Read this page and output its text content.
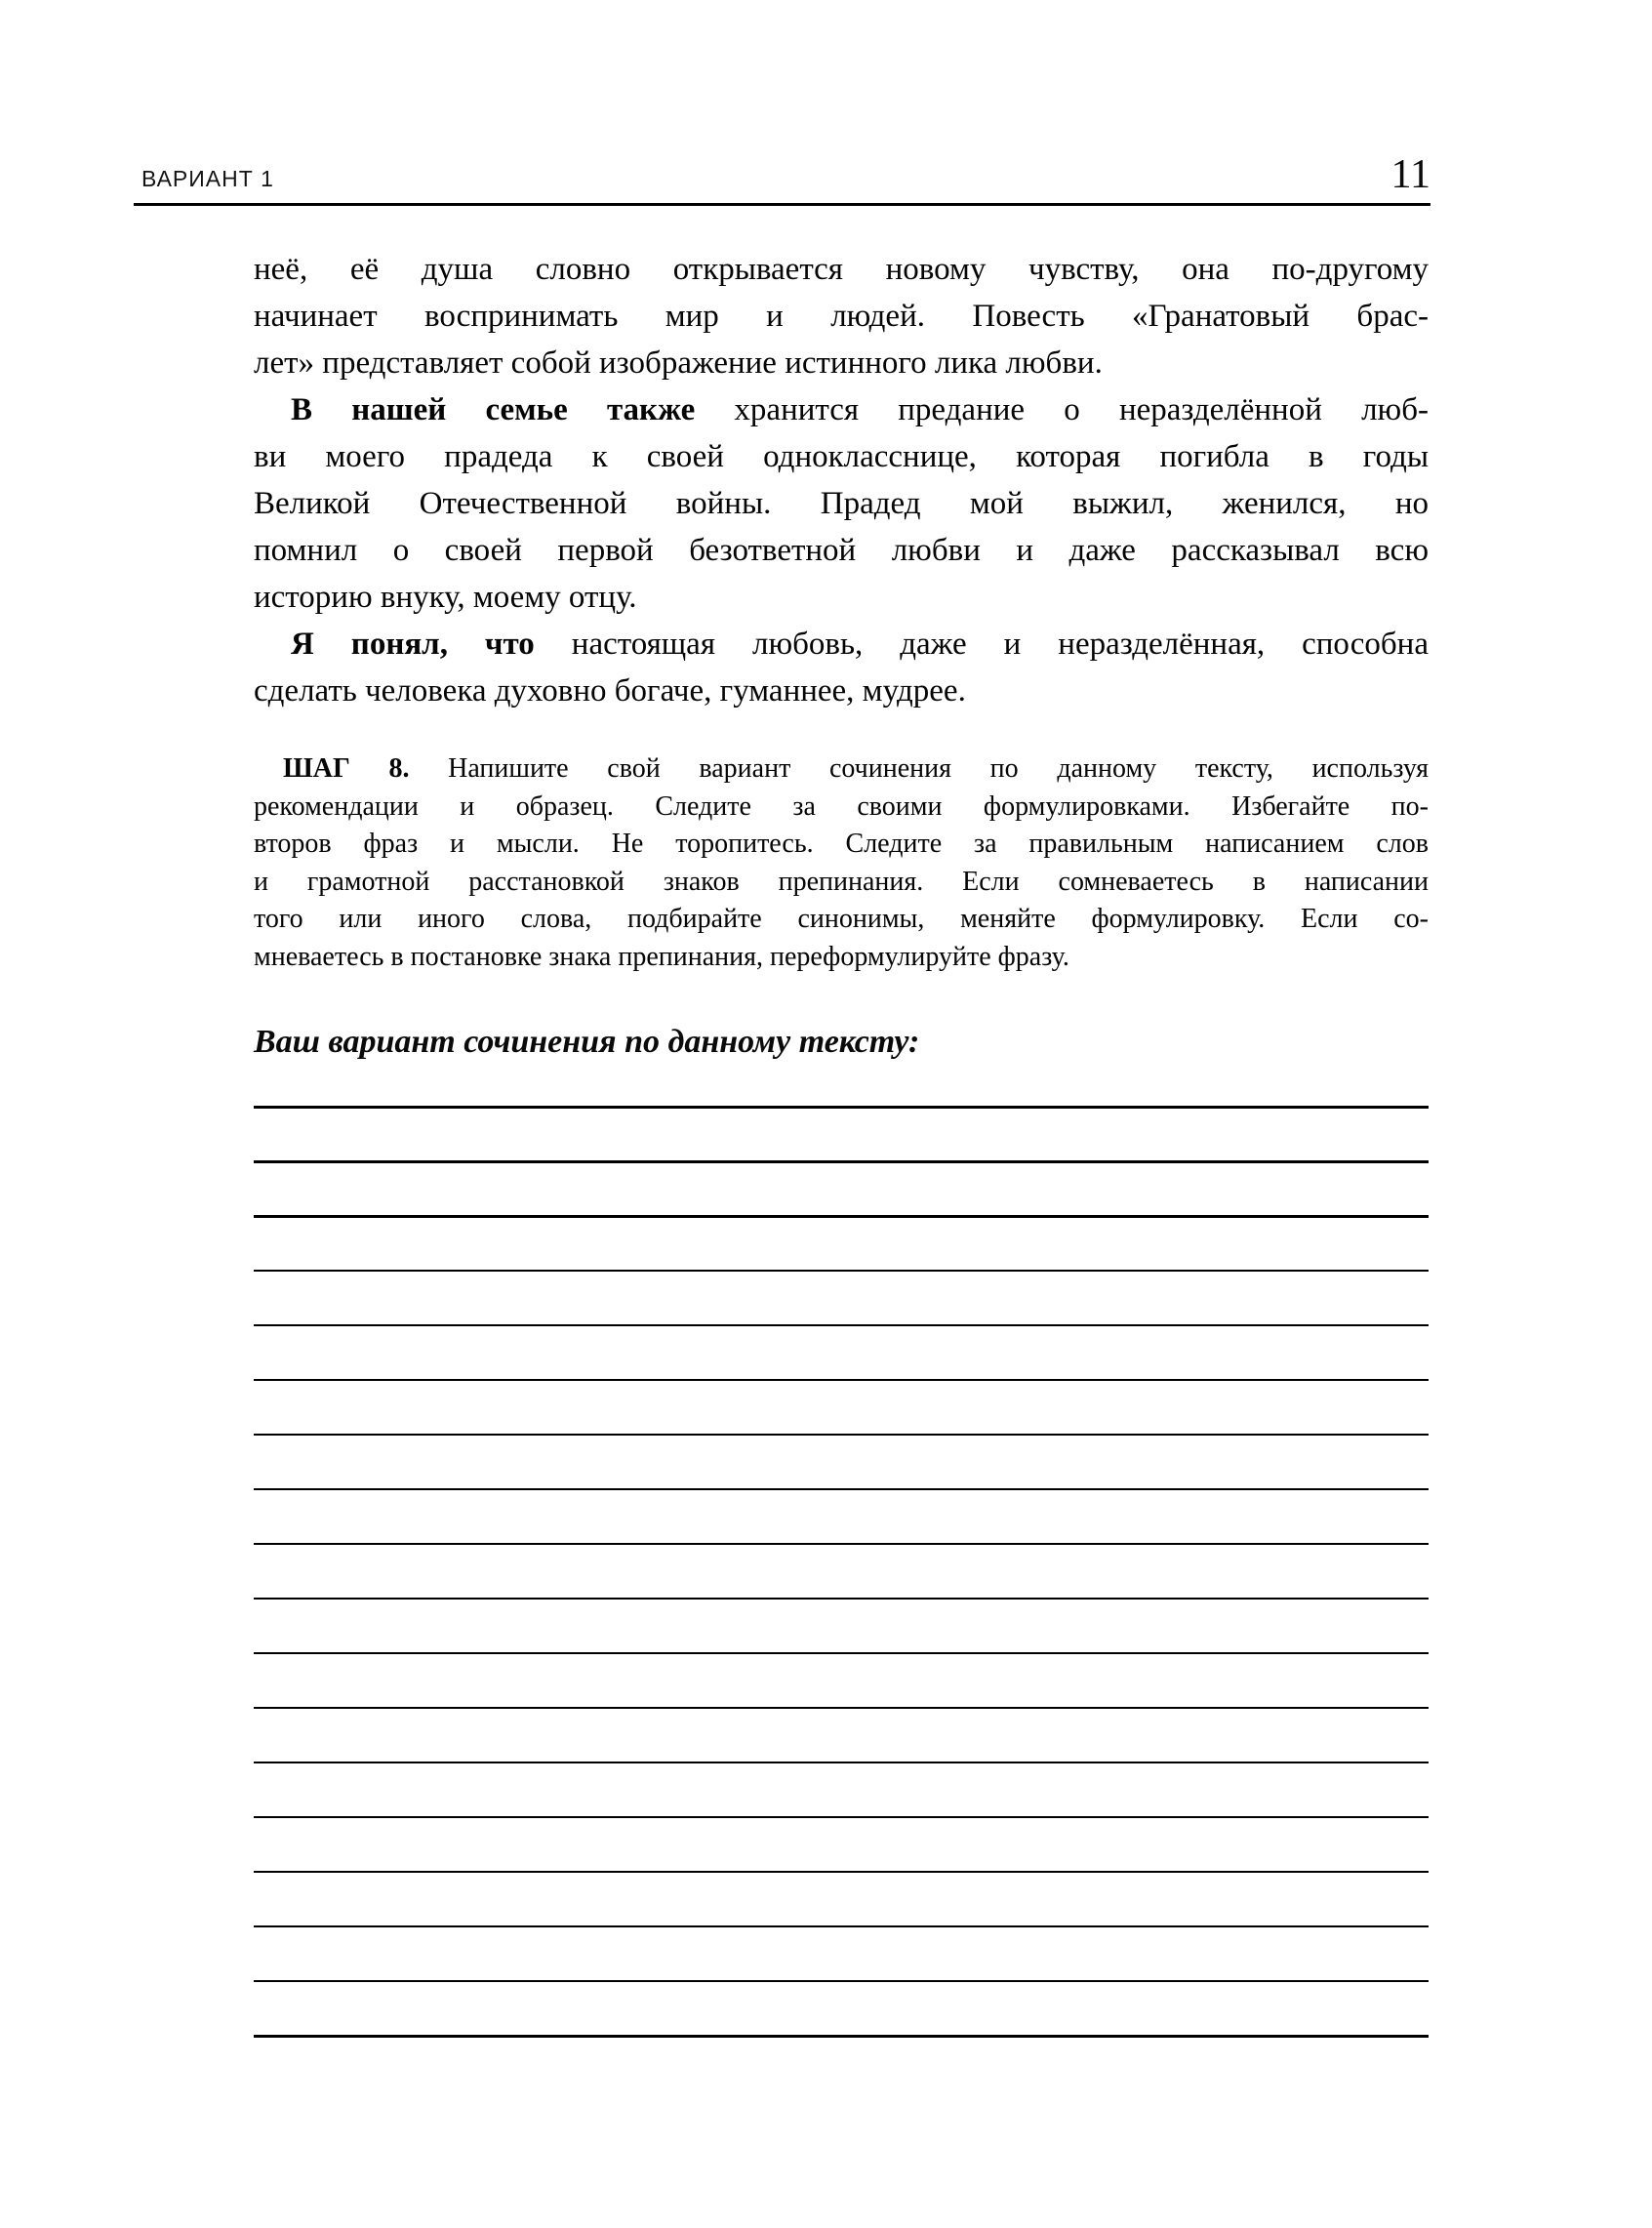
ВАРИАНТ 1	11
неё, её душа словно открывается новому чувству, она по-другому
начинает воспринимать мир и людей. Повесть «Гранатовый брас-
лет» представляет собой изображение истинного лика любви.
В нашей семье также хранится предание о неразделённой люб-
ви моего прадеда к своей однокласснице, которая погибла в годы
Великой Отечественной войны. Прадед мой выжил, женился, но
помнил о своей первой безответной любви и даже рассказывал всю
историю внуку, моему отцу.
Я понял, что настоящая любовь, даже и неразделённая, способна
сделать человека духовно богаче, гуманнее, мудрее.
ШАГ 8. Напишите свой вариант сочинения по данному тексту, используя
рекомендации и образец. Следите за своими формулировками. Избегайте по-
второв фраз и мысли. Не торопитесь. Следите за правильным написанием слов
и грамотной расстановкой знаков препинания. Если сомневаетесь в написании
того или иного слова, подбирайте синонимы, меняйте формулировку. Если со-
мневаетесь в постановке знака препинания, переформулируйте фразу.
Ваш вариант сочинения по данному тексту:
